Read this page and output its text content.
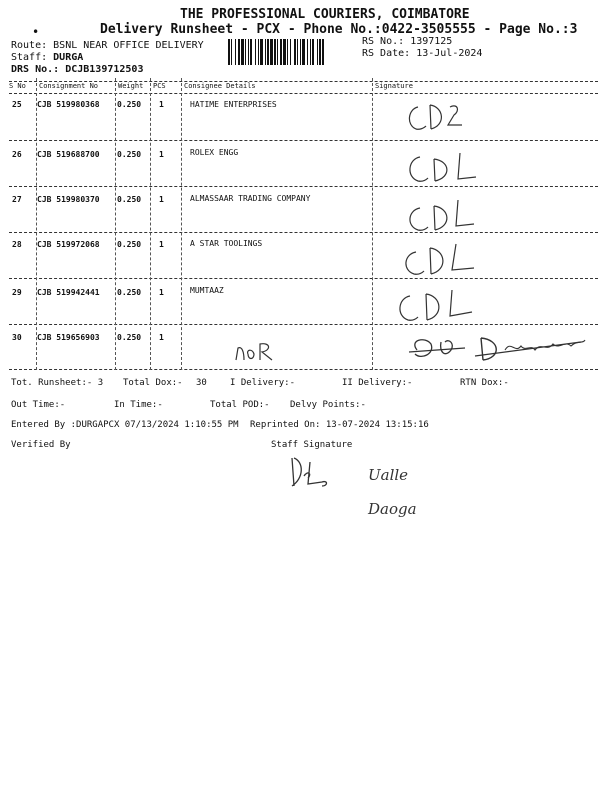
THE PROFESSIONAL COURIERS, COIMBATORE
•	Delivery Runsheet - PCX - Phone No.:0422-3505555 - Page No.:3
Route: BSNL NEAR OFFICE DELIVERY
Staff: DURGA
DRS No.: DCJB139712503
RS No.: 1397125
RS Date: 13-Jul-2024
S No Consignment No	Weight PCS	Consignee Details	Signature
25 CJB 519980368 0.250 1	HATIME ENTERPRISES
26 CJB 519688700 0.250 1	ROLEX ENGG
27 CJB 519980370 0.250 1	ALMASSAAR TRADING COMPANY
28 CJB 519972068 0.250 1	A STAR TOOLINGS
29 CJB 519942441 0.250 1	MUMTAAZ
30 CJB 519656903 0.250 1
Tot. Runsheet:- 3 Total Dox:- 30	I Delivery:-	II Delivery:-	RTN Dox:-
Out Time:-	In Time:-	Total POD:- Delvy Points:-
Entered By :DURGAPCX 07/13/2024 1:10:55 PM Reprinted On: 13-07-2024 13:15:16
Verified By	Staff Signature
Ualle
Daoga
